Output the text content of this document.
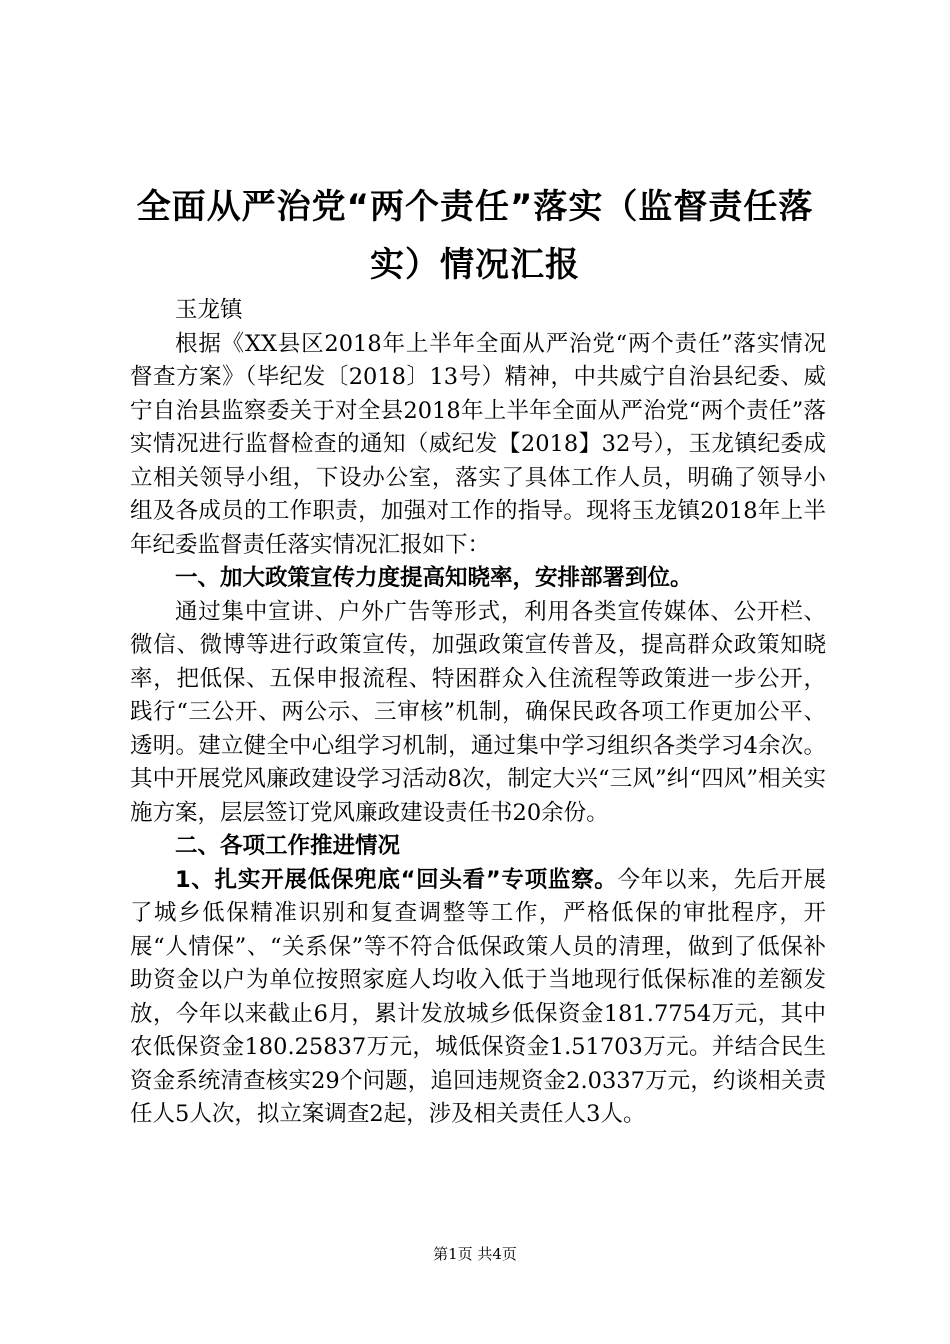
全面从严治党“两个责任”落实（监督责任落实）情况汇报

玉龙镇

根据《XX县区2018年上半年全面从严治党“两个责任”落实情况督查方案》（毕纪发〔2018〕13号）精神，中共威宁自治县纪委、威宁自治县监察委关于对全县2018年上半年全面从严治党“两个责任”落实情况进行监督检查的通知（威纪发【2018】32号），玉龙镇纪委成立相关领导小组，下设办公室，落实了具体工作人员，明确了领导小组及各成员的工作职责，加强对工作的指导。现将玉龙镇2018年上半年纪委监督责任落实情况汇报如下：

一、加大政策宣传力度提高知晓率，安排部署到位。

通过集中宣讲、户外广告等形式，利用各类宣传媒体、公开栏、微信、微博等进行政策宣传，加强政策宣传普及，提高群众政策知晓率，把低保、五保申报流程、特困群众入住流程等政策进一步公开，践行“三公开、两公示、三审核”机制，确保民政各项工作更加公平、透明。建立健全中心组学习机制，通过集中学习组织各类学习4余次。其中开展党风廉政建设学习活动8次，制定大兴“三风”纠“四风”相关实施方案，层层签订党风廉政建设责任书20余份。

二、各项工作推进情况

1、扎实开展低保兜底“回头看”专项监察。今年以来，先后开展了城乡低保精准识别和复查调整等工作，严格低保的审批程序，开展“人情保”、“关系保”等不符合低保政策人员的清理，做到了低保补助资金以户为单位按照家庭人均收入低于当地现行低保标准的差额发放，今年以来截止6月，累计发放城乡低保资金181.7754万元，其中农低保资金180.25837万元，城低保资金1.51703万元。并结合民生资金系统清查核实29个问题，追回违规资金2.0337万元，约谈相关责任人5人次，拟立案调查2起，涉及相关责任人3人。

第1页 共4页
